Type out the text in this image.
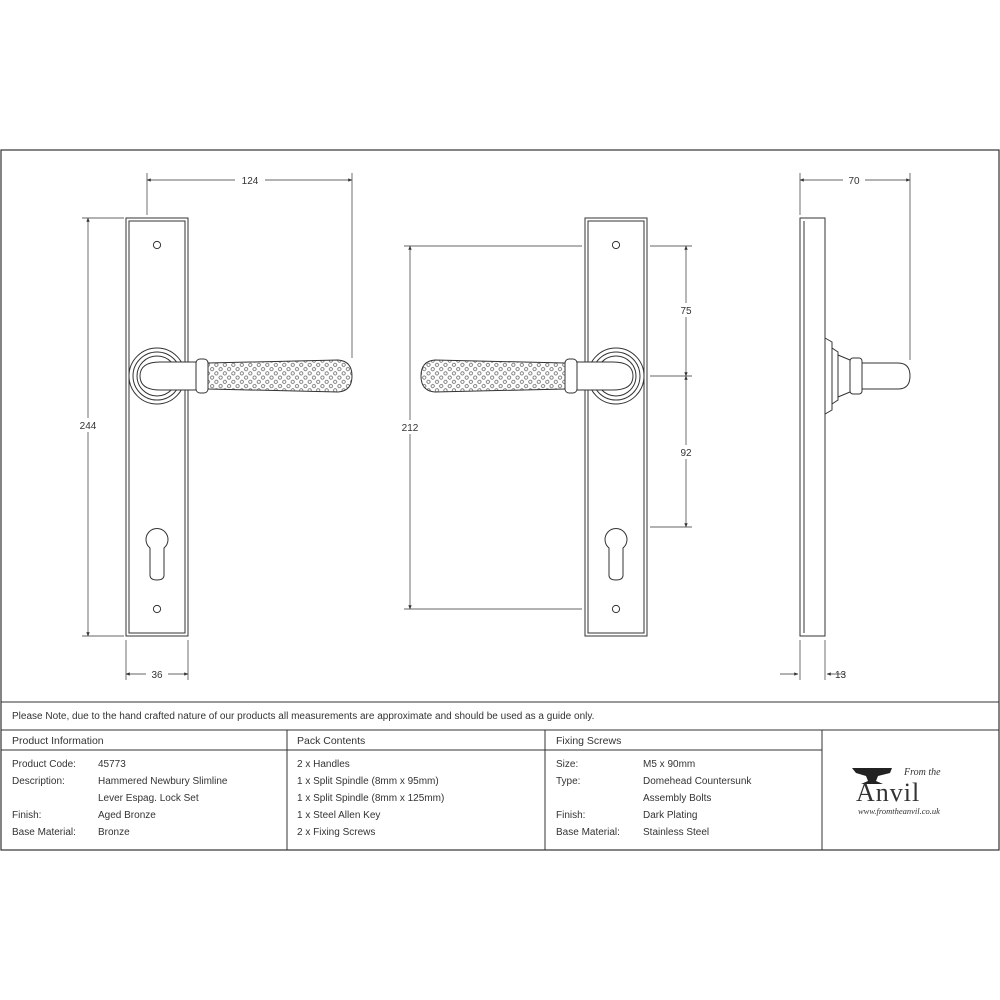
124
244
36
212
75
92
70
13
Please Note, due to the hand crafted nature of our products all measurements are approximate and should be used as a guide only.
Product Information
Product Code: 45773
Description:	Hammered Newbury Slimline
Lever Espag. Lock Set
Finish:	Aged Bronze
Base Material: Bronze
Pack Contents
2 x Handles
1 x Split Spindle (8mm x 95mm)
1 x Split Spindle (8mm x 125mm)
1 x Steel Allen Key
2 x Fixing Screws
Fixing Screws
Size:	M5 x 90mm
Type:	Domehead Countersunk
Assembly Bolts
Finish:	Dark Plating
Base Material: Stainless Steel
From the
Anvil
www.fromtheanvil.co.uk
